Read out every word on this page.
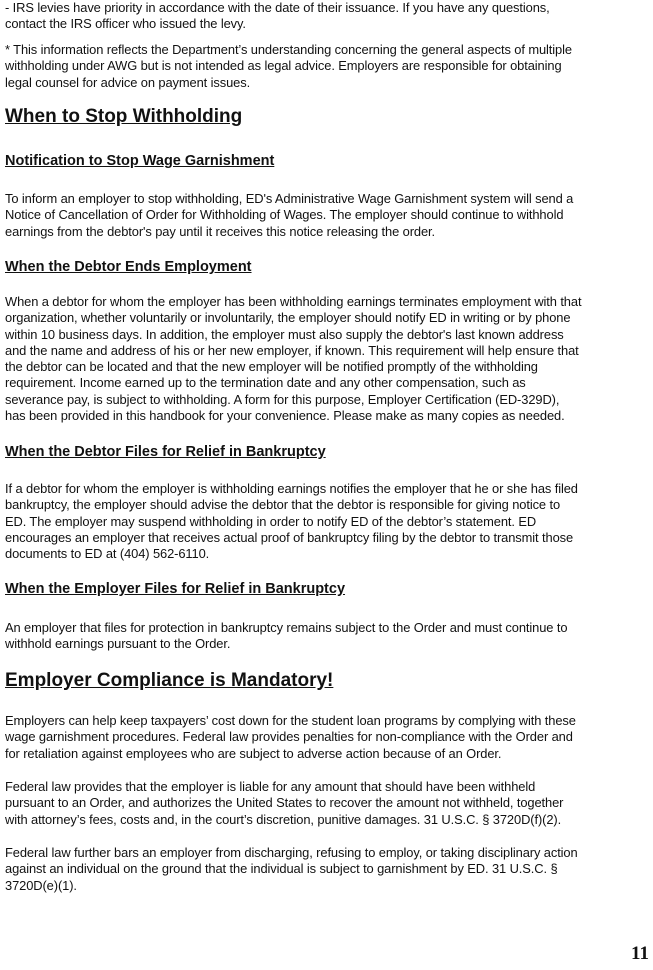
- IRS levies have priority in accordance with the date of their issuance. If you have any questions,
contact the IRS officer who issued the levy.
* This information reflects the Department’s understanding concerning the general aspects of multiple
withholding under AWG but is not intended as legal advice. Employers are responsible for obtaining
legal counsel for advice on payment issues.
When to Stop Withholding
Notification to Stop Wage Garnishment
To inform an employer to stop withholding, ED's Administrative Wage Garnishment system will send a
Notice of Cancellation of Order for Withholding of Wages. The employer should continue to withhold
earnings from the debtor's pay until it receives this notice releasing the order.
When the Debtor Ends Employment
When a debtor for whom the employer has been withholding earnings terminates employment with that
organization, whether voluntarily or involuntarily, the employer should notify ED in writing or by phone
within 10 business days. In addition, the employer must also supply the debtor's last known address
and the name and address of his or her new employer, if known. This requirement will help ensure that
the debtor can be located and that the new employer will be notified promptly of the withholding
requirement. Income earned up to the termination date and any other compensation, such as
severance pay, is subject to withholding. A form for this purpose, Employer Certification (ED-329D),
has been provided in this handbook for your convenience. Please make as many copies as needed.
When the Debtor Files for Relief in Bankruptcy
If a debtor for whom the employer is withholding earnings notifies the employer that he or she has filed
bankruptcy, the employer should advise the debtor that the debtor is responsible for giving notice to
ED. The employer may suspend withholding in order to notify ED of the debtor’s statement. ED
encourages an employer that receives actual proof of bankruptcy filing by the debtor to transmit those
documents to ED at (404) 562-6110.
When the Employer Files for Relief in Bankruptcy
An employer that files for protection in bankruptcy remains subject to the Order and must continue to
withhold earnings pursuant to the Order.
Employer Compliance is Mandatory!
Employers can help keep taxpayers’ cost down for the student loan programs by complying with these
wage garnishment procedures. Federal law provides penalties for non-compliance with the Order and
for retaliation against employees who are subject to adverse action because of an Order.
Federal law provides that the employer is liable for any amount that should have been withheld
pursuant to an Order, and authorizes the United States to recover the amount not withheld, together
with attorney’s fees, costs and, in the court’s discretion, punitive damages. 31 U.S.C. § 3720D(f)(2).
Federal law further bars an employer from discharging, refusing to employ, or taking disciplinary action
against an individual on the ground that the individual is subject to garnishment by ED. 31 U.S.C. §
3720D(e)(1).
11
